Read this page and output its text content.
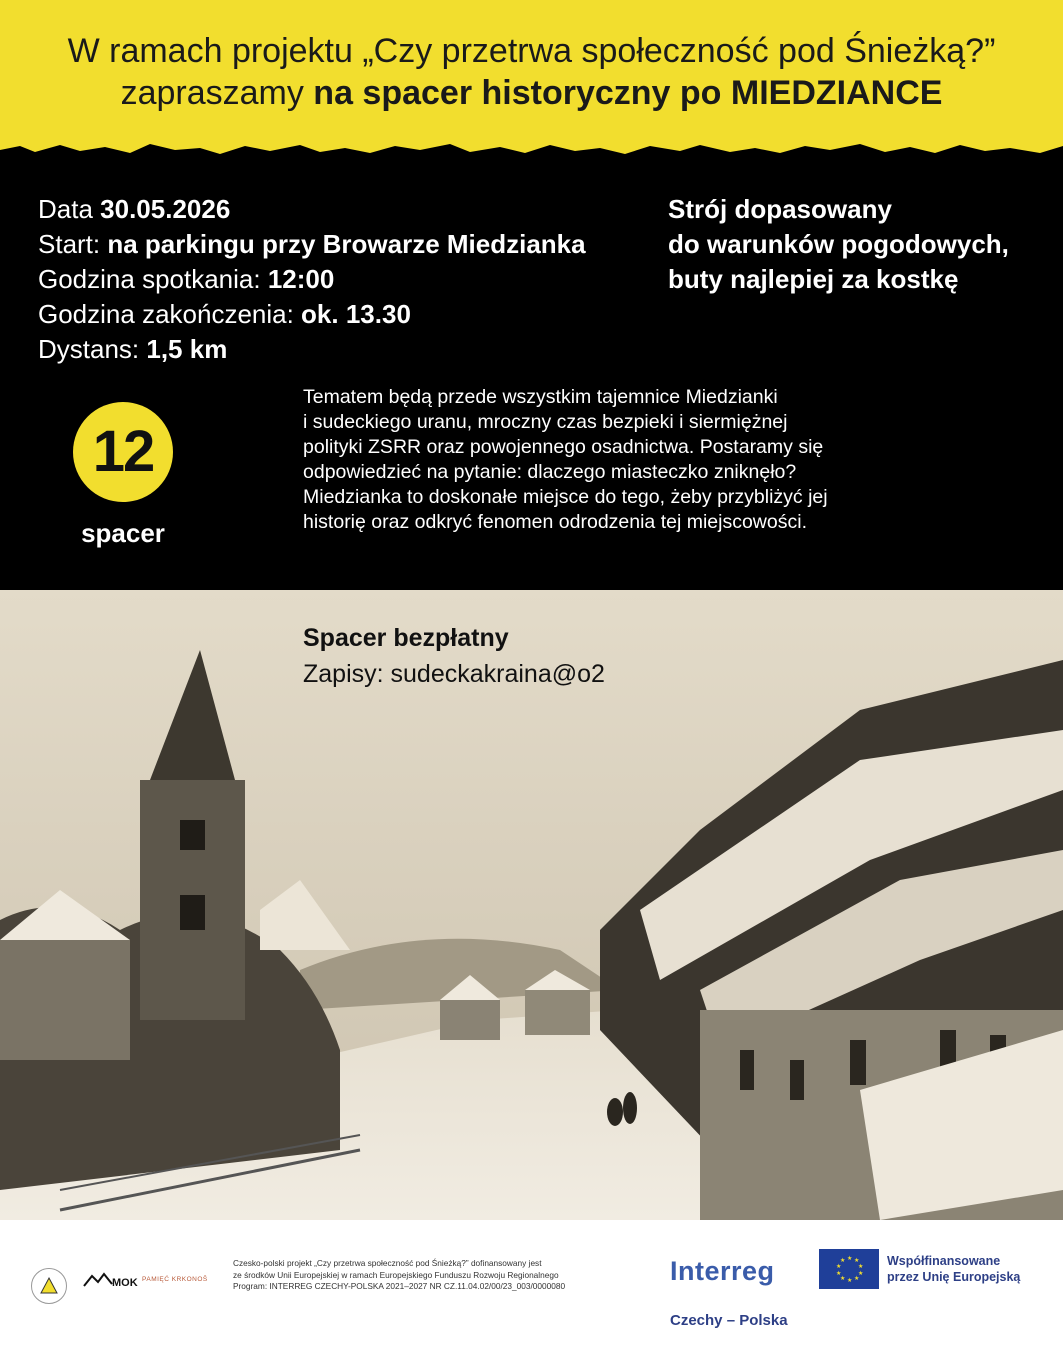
W ramach projektu „Czy przetrwa społeczność pod Śnieżką?”
zapraszamy na spacer historyczny po MIEDZIANCE
Data 30.05.2026
Start: na parkingu przy Browarze Miedzianka
Godzina spotkania: 12:00
Godzina zakończenia: ok. 13.30
Dystans: 1,5 km
Strój dopasowany
do warunków pogodowych,
buty najlepiej za kostkę
12
spacer
Tematem będą przede wszystkim tajemnice Miedzianki
i sudeckiego uranu, mroczny czas bezpieki i siermiężnej
polityki ZSRR oraz powojennego osadnictwa. Postaramy się
odpowiedzieć na pytanie: dlaczego miasteczko zniknęło?
Miedzianka to doskonałe miejsce do tego, żeby przybliżyć jej
historię oraz odkryć fenomen odrodzenia tej miejscowości.
Spacer bezpłatny
Zapisy: sudeckakraina@o2
MOK PAMIĘĆ KRKONOŠ
Czesko-polski projekt „Czy przetrwa społeczność pod Śnieżką?” dofinansowany jest
ze środków Unii Europejskiej w ramach Europejskiego Funduszu Rozwoju Regionalnego
Program: INTERREG CZECHY-POLSKA 2021–2027 NR CZ.11.04.02/00/23_003/0000080	Interreg
Czechy – Polska
★ ★
★
★
★
★
★
★
★
★	Współfinansowane
przez Unię Europejską
